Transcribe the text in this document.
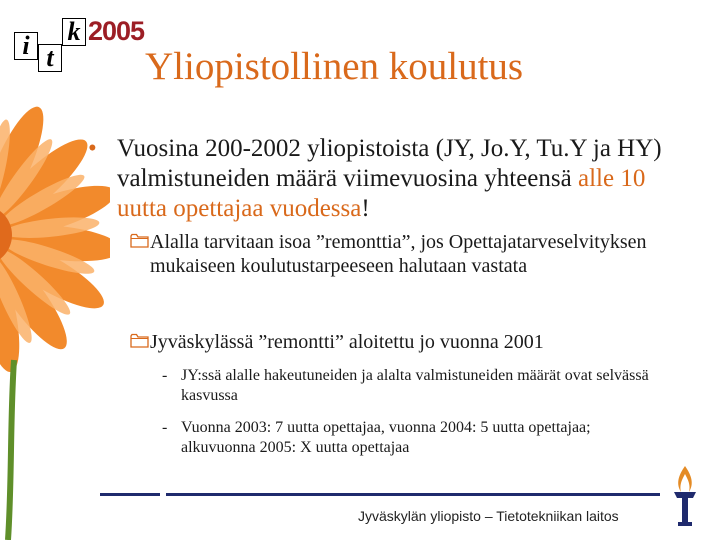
i t
k 2005
Yliopistollinen koulutus
• Vuosina 200-2002 yliopistoista (JY, Jo.Y, Tu.Y ja HY) valmistuneiden määrä viimevuosina yhteensä alle 10 uutta opettajaa vuodessa!
Alalla tarvitaan isoa ”remonttia”, jos Opettajatarveselvityksen mukaiseen koulutustarpeeseen halutaan vastata
Jyväskylässä ”remontti” aloitettu jo vuonna 2001
- JY:ssä alalle hakeutuneiden ja alalta valmistuneiden määrät ovat selvässä kasvussa
- Vuonna 2003: 7 uutta opettajaa, vuonna 2004: 5 uutta opettajaa; alkuvuonna 2005: X uutta opettajaa
Jyväskylän yliopisto – Tietotekniikan laitos
